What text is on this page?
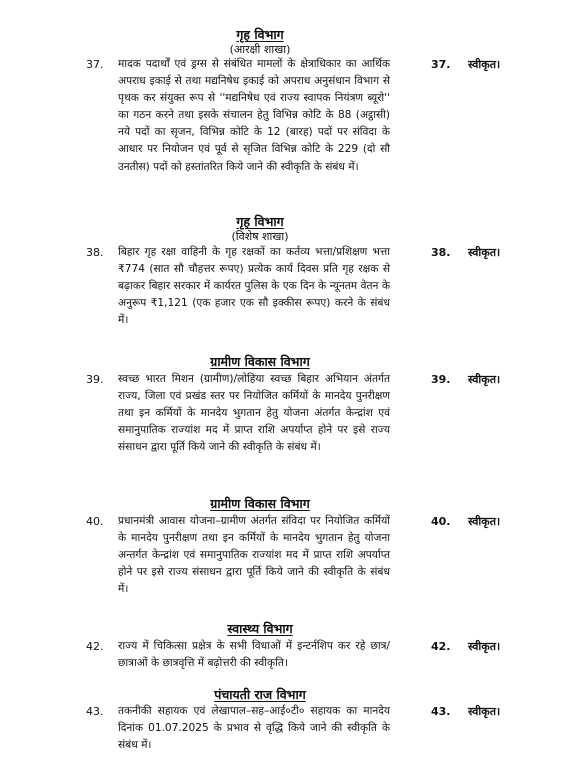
गृह विभाग
(आरक्षी शाखा)
37. मादक पदार्थों एवं ड्रग्स से संबंधित मामलों के क्षेत्राधिकार का आर्थिक अपराध इकाई से तथा मद्यनिषेध इकाई को अपराध अनुसंधान विभाग से पृथक कर संयुक्त रूप से ''मद्यनिषेध एवं राज्य स्वापक नियंत्रण ब्यूरो'' का गठन करने तथा इसके संचालन हेतु विभिन्न कोटि के 88 (अट्ठासी) नये पदों का सृजन, विभिन्न कोटि के 12 (बारह) पदों पर संविदा के आधार पर नियोजन एवं पूर्व से सृजित विभिन्न कोटि के 229 (दो सौ उनतीस) पदों को हस्तांतरित किये जाने की स्वीकृति के संबंध में।
37. स्वीकृत।
गृह विभाग
(विशेष शाखा)
38. बिहार गृह रक्षा वाहिनी के गृह रक्षकों का कर्तव्य भत्ता/प्रशिक्षण भत्ता ₹774 (सात सौ चौहत्तर रूपए) प्रत्येक कार्य दिवस प्रति गृह रक्षक से बढ़ाकर बिहार सरकार में कार्यरत पुलिस के एक दिन के न्यूनतम वेतन के अनुरूप ₹1,121 (एक हजार एक सौ इक्कीस रूपए) करने के संबंध में।
38. स्वीकृत।
ग्रामीण विकास विभाग
39. स्वच्छ भारत मिशन (ग्रामीण)/लोहिया स्वच्छ बिहार अभियान अंतर्गत राज्य, जिला एवं प्रखंड स्तर पर नियोजित कर्मियों के मानदेय पुनरीक्षण तथा इन कर्मियों के मानदेय भुगतान हेतु योजना अंतर्गत केन्द्रांश एवं समानुपातिक राज्यांश मद में प्राप्त राशि अपर्याप्त होने पर इसे राज्य संसाधन द्वारा पूर्ति किये जाने की स्वीकृति के संबंध में।
39. स्वीकृत।
ग्रामीण विकास विभाग
40. प्रधानमंत्री आवास योजना–ग्रामीण अंतर्गत संविदा पर नियोजित कर्मियों के मानदेय पुनरीक्षण तथा इन कर्मियों के मानदेय भुगतान हेतु योजना अन्तर्गत केन्द्रांश एवं समानुपातिक राज्यांश मद में प्राप्त राशि अपर्याप्त होने पर इसे राज्य संसाधन द्वारा पूर्ति किये जाने की स्वीकृति के संबंध में।
40. स्वीकृत।
स्वास्थ्य विभाग
42. राज्य में चिकित्सा प्रक्षेत्र के सभी विधाओं में इन्टर्नशिप कर रहे छात्र/छात्राओं के छात्रवृत्ति में बढ़ोत्तरी की स्वीकृति।
42. स्वीकृत।
पंचायती राज विभाग
43. तकनीकी सहायक एवं लेखापाल–सह–आई०टी० सहायक का मानदेय दिनांक 01.07.2025 के प्रभाव से वृद्धि किये जाने की स्वीकृति के संबंध में।
43. स्वीकृत।
